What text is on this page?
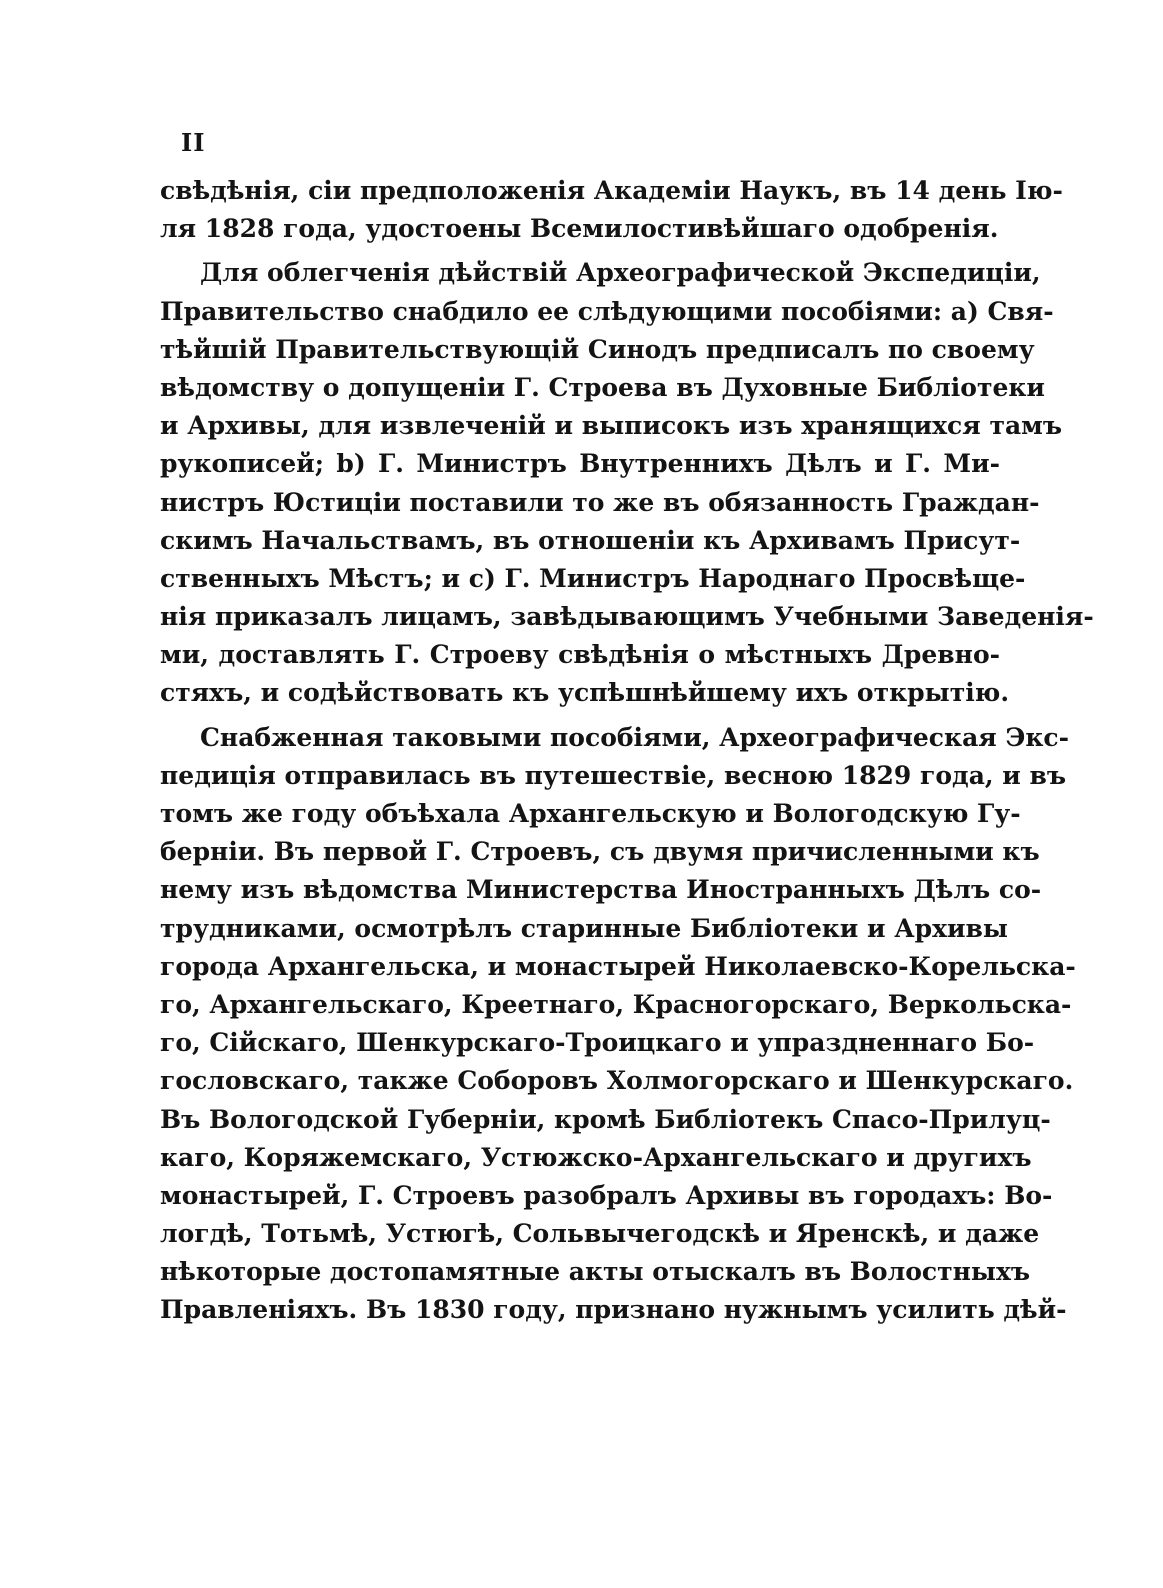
II
свѣдѣнія, сіи предположенія Академіи Наукъ, въ 14 день Ію-
ля 1828 года, удостоены Всемилостивѣйшаго одобренія.
Для облегченія дѣйствій Археографической Экспедиціи,
Правительство снабдило ее слѣдующими пособіями: а) Свя-
тѣйшій Правительствующій Синодъ предписалъ по своему
вѣдомству о допущеніи Г. Строева въ Духовные Библіотеки
и Архивы, для извлеченій и выписокъ изъ хранящихся тамъ
рукописей; b) Г. Министръ Внутреннихъ Дѣлъ и Г. Ми-
нистръ Юстиціи поставили то же въ обязанность Граждан-
скимъ Начальствамъ, въ отношеніи къ Архивамъ Присут-
ственныхъ Мѣстъ; и с) Г. Министръ Народнаго Просвѣще-
нія приказалъ лицамъ, завѣдывающимъ Учебными Заведенія-
ми, доставлять Г. Строеву свѣдѣнія о мѣстныхъ Древно-
стяхъ, и содѣйствовать къ успѣшнѣйшему ихъ открытію.
Снабженная таковыми пособіями, Археографическая Экс-
педиція отправилась въ путешествіе, весною 1829 года, и въ
томъ же году объѣхала Архангельскую и Вологодскую Гу-
берніи. Въ первой Г. Строевъ, съ двумя причисленными къ
нему изъ вѣдомства Министерства Иностранныхъ Дѣлъ со-
трудниками, осмотрѣлъ старинные Библіотеки и Архивы
города Архангельска, и монастырей Николаевско-Корельска-
го, Архангельскаго, Креетнаго, Красногорскаго, Веркольска-
го, Сійскаго, Шенкурскаго-Троицкаго и упраздненнаго Бо-
гословскаго, также Соборовъ Холмогорскаго и Шенкурскаго.
Въ Вологодской Губерніи, кромѣ Библіотекъ Спасо-Прилуц-
каго, Коряжемскаго, Устюжско-Архангельскаго и другихъ
монастырей, Г. Строевъ разобралъ Архивы въ городахъ: Во-
логдѣ, Тотьмѣ, Устюгѣ, Сольвычегодскѣ и Яренскѣ, и даже
нѣкоторые достопамятные акты отыскалъ въ Волостныхъ
Правленіяхъ. Въ 1830 году, признано нужнымъ усилить дѣй-
